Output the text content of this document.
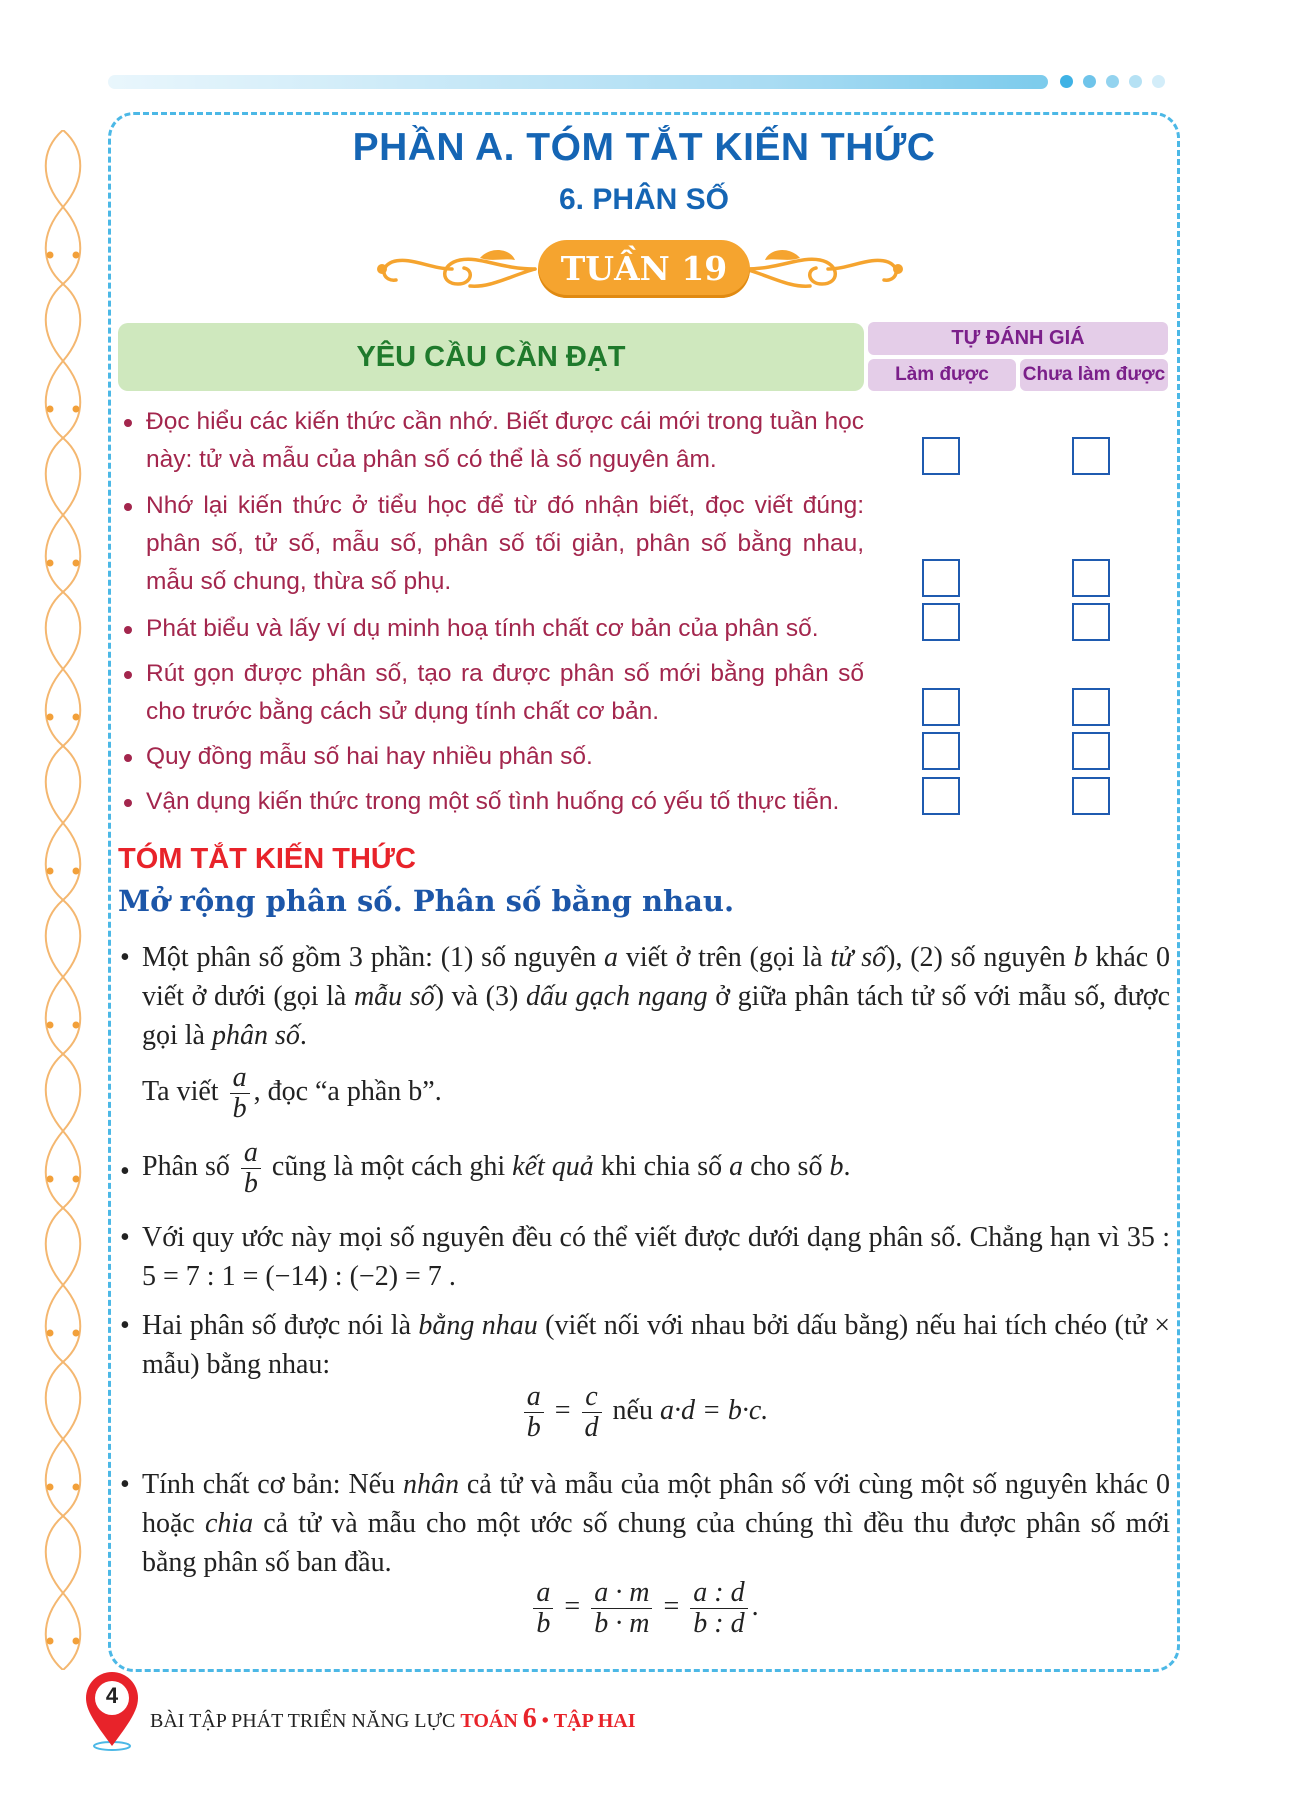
PHẦN A. TÓM TẮT KIẾN THỨC
6. PHÂN SỐ
TUẦN 19
YÊU CẦU CẦN ĐẠT
TỰ ĐÁNH GIÁ
Làm được	Chưa làm được
Đọc hiểu các kiến thức cần nhớ. Biết được cái mới trong tuần học này: tử và mẫu của phân số có thể là số nguyên âm.
Nhớ lại kiến thức ở tiểu học để từ đó nhận biết, đọc viết đúng: phân số, tử số, mẫu số, phân số tối giản, phân số bằng nhau, mẫu số chung, thừa số phụ.
Phát biểu và lấy ví dụ minh hoạ tính chất cơ bản của phân số.
Rút gọn được phân số, tạo ra được phân số mới bằng phân số cho trước bằng cách sử dụng tính chất cơ bản.
Quy đồng mẫu số hai hay nhiều phân số.
Vận dụng kiến thức trong một số tình huống có yếu tố thực tiễn.
TÓM TẮT KIẾN THỨC
Mở rộng phân số. Phân số bằng nhau.
• Một phân số gồm 3 phần: (1) số nguyên a viết ở trên (gọi là tử số), (2) số nguyên b khác 0 viết ở dưới (gọi là mẫu số) và (3) dấu gạch ngang ở giữa phân tách tử số với mẫu số, được gọi là phân số.
Ta viết $\frac{a}{b}$ , đọc “a phần b”.
• Phân số $\frac{a}{b}$ cũng là một cách ghi kết quả khi chia số a cho số b.
• Với quy ước này mọi số nguyên đều có thể viết được dưới dạng phân số. Chẳng hạn vì 35 : 5 = 7 : 1 = (−14) : (−2) = 7 .
• Hai phân số được nói là bằng nhau (viết nối với nhau bởi dấu bằng) nếu hai tích chéo (tử × mẫu) bằng nhau:
$\frac{a}{b} = \frac{c}{d}$ nếu a·d = b·c.
• Tính chất cơ bản: Nếu nhân cả tử và mẫu của một phân số với cùng một số nguyên khác 0 hoặc chia cả tử và mẫu cho một ước số chung của chúng thì đều thu được phân số mới bằng phân số ban đầu.
$\frac{a}{b} = \frac{a \cdot m}{b \cdot m} = \frac{a : d}{b : d}$ .
4
BÀI TẬP PHÁT TRIỂN NĂNG LỰC TOÁN 6 • TẬP HAI
